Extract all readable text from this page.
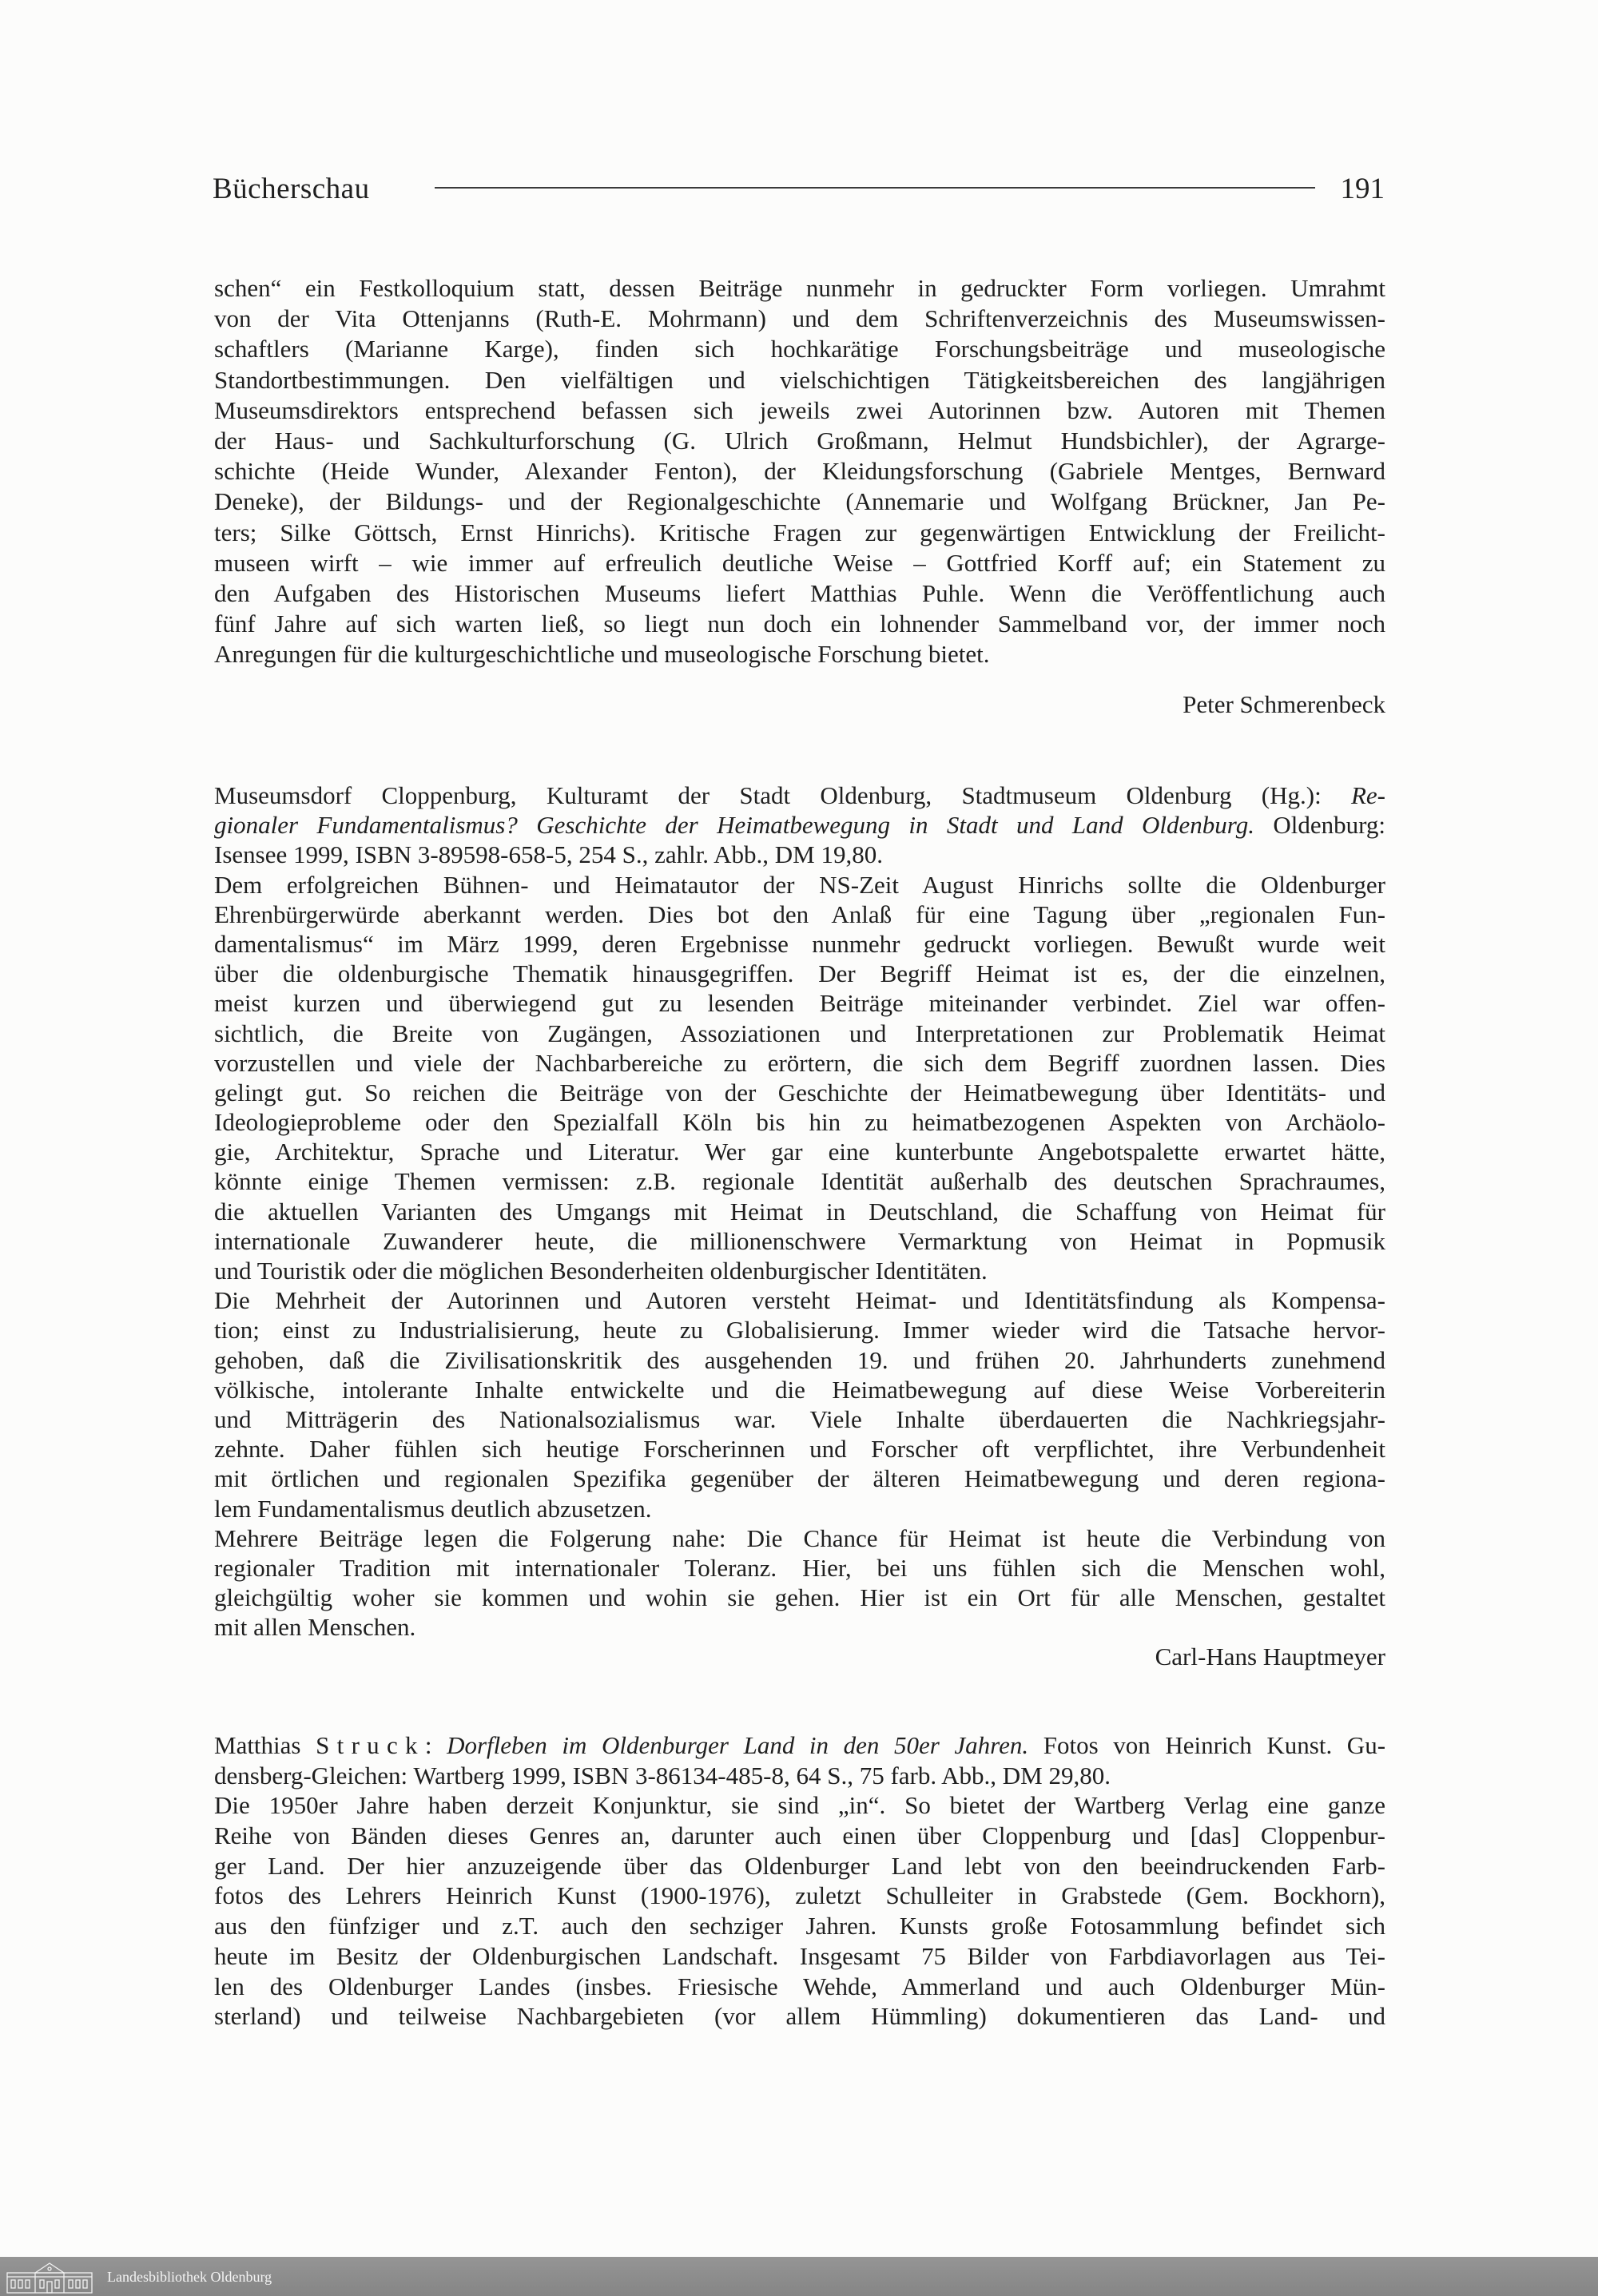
Bücherschau	191
schen“ ein Festkolloquium statt, dessen Beiträge nunmehr in gedruckter Form vorliegen. Umrahmt
von der Vita Ottenjanns (Ruth-E. Mohrmann) und dem Schriftenverzeichnis des Museumswissen-
schaftlers (Marianne Karge), finden sich hochkarätige Forschungsbeiträge und museologische
Standortbestimmungen. Den vielfältigen und vielschichtigen Tätigkeitsbereichen des langjährigen
Museumsdirektors entsprechend befassen sich jeweils zwei Autorinnen bzw. Autoren mit Themen
der Haus- und Sachkulturforschung (G. Ulrich Großmann, Helmut Hundsbichler), der Agrarge-
schichte (Heide Wunder, Alexander Fenton), der Kleidungsforschung (Gabriele Mentges, Bernward
Deneke), der Bildungs- und der Regionalgeschichte (Annemarie und Wolfgang Brückner, Jan Pe-
ters; Silke Göttsch, Ernst Hinrichs). Kritische Fragen zur gegenwärtigen Entwicklung der Freilicht-
museen wirft – wie immer auf erfreulich deutliche Weise – Gottfried Korff auf; ein Statement zu
den Aufgaben des Historischen Museums liefert Matthias Puhle. Wenn die Veröffentlichung auch
fünf Jahre auf sich warten ließ, so liegt nun doch ein lohnender Sammelband vor, der immer noch
Anregungen für die kulturgeschichtliche und museologische Forschung bietet.
Peter Schmerenbeck
Museumsdorf Cloppenburg, Kulturamt der Stadt Oldenburg, Stadtmuseum Oldenburg (Hg.): Re-
gionaler Fundamentalismus? Geschichte der Heimatbewegung in Stadt und Land Oldenburg. Oldenburg:
Isensee 1999, ISBN 3-89598-658-5, 254 S., zahlr. Abb., DM 19,80.
Dem erfolgreichen Bühnen- und Heimatautor der NS-Zeit August Hinrichs sollte die Oldenburger
Ehrenbürgerwürde aberkannt werden. Dies bot den Anlaß für eine Tagung über „regionalen Fun-
damentalismus“ im März 1999, deren Ergebnisse nunmehr gedruckt vorliegen. Bewußt wurde weit
über die oldenburgische Thematik hinausgegriffen. Der Begriff Heimat ist es, der die einzelnen,
meist kurzen und überwiegend gut zu lesenden Beiträge miteinander verbindet. Ziel war offen-
sichtlich, die Breite von Zugängen, Assoziationen und Interpretationen zur Problematik Heimat
vorzustellen und viele der Nachbarbereiche zu erörtern, die sich dem Begriff zuordnen lassen. Dies
gelingt gut. So reichen die Beiträge von der Geschichte der Heimatbewegung über Identitäts- und
Ideologieprobleme oder den Spezialfall Köln bis hin zu heimatbezogenen Aspekten von Archäolo-
gie, Architektur, Sprache und Literatur. Wer gar eine kunterbunte Angebotspalette erwartet hätte,
könnte einige Themen vermissen: z.B. regionale Identität außerhalb des deutschen Sprachraumes,
die aktuellen Varianten des Umgangs mit Heimat in Deutschland, die Schaffung von Heimat für
internationale Zuwanderer heute, die millionenschwere Vermarktung von Heimat in Popmusik
und Touristik oder die möglichen Besonderheiten oldenburgischer Identitäten.
Die Mehrheit der Autorinnen und Autoren versteht Heimat- und Identitätsfindung als Kompensa-
tion; einst zu Industrialisierung, heute zu Globalisierung. Immer wieder wird die Tatsache hervor-
gehoben, daß die Zivilisationskritik des ausgehenden 19. und frühen 20. Jahrhunderts zunehmend
völkische, intolerante Inhalte entwickelte und die Heimatbewegung auf diese Weise Vorbereiterin
und Mitträgerin des Nationalsozialismus war. Viele Inhalte überdauerten die Nachkriegsjahr-
zehnte. Daher fühlen sich heutige Forscherinnen und Forscher oft verpflichtet, ihre Verbundenheit
mit örtlichen und regionalen Spezifika gegenüber der älteren Heimatbewegung und deren regiona-
lem Fundamentalismus deutlich abzusetzen.
Mehrere Beiträge legen die Folgerung nahe: Die Chance für Heimat ist heute die Verbindung von
regionaler Tradition mit internationaler Toleranz. Hier, bei uns fühlen sich die Menschen wohl,
gleichgültig woher sie kommen und wohin sie gehen. Hier ist ein Ort für alle Menschen, gestaltet
mit allen Menschen.
Carl-Hans Hauptmeyer
Matthias Struck: Dorfleben im Oldenburger Land in den 50er Jahren. Fotos von Heinrich Kunst. Gu-
densberg-Gleichen: Wartberg 1999, ISBN 3-86134-485-8, 64 S., 75 farb. Abb., DM 29,80.
Die 1950er Jahre haben derzeit Konjunktur, sie sind „in“. So bietet der Wartberg Verlag eine ganze
Reihe von Bänden dieses Genres an, darunter auch einen über Cloppenburg und [das] Cloppenbur-
ger Land. Der hier anzuzeigende über das Oldenburger Land lebt von den beeindruckenden Farb-
fotos des Lehrers Heinrich Kunst (1900-1976), zuletzt Schulleiter in Grabstede (Gem. Bockhorn),
aus den fünfziger und z.T. auch den sechziger Jahren. Kunsts große Fotosammlung befindet sich
heute im Besitz der Oldenburgischen Landschaft. Insgesamt 75 Bilder von Farbdiavorlagen aus Tei-
len des Oldenburger Landes (insbes. Friesische Wehde, Ammerland und auch Oldenburger Mün-
sterland) und teilweise Nachbargebieten (vor allem Hümmling) dokumentieren das Land- und
Landesbibliothek Oldenburg
